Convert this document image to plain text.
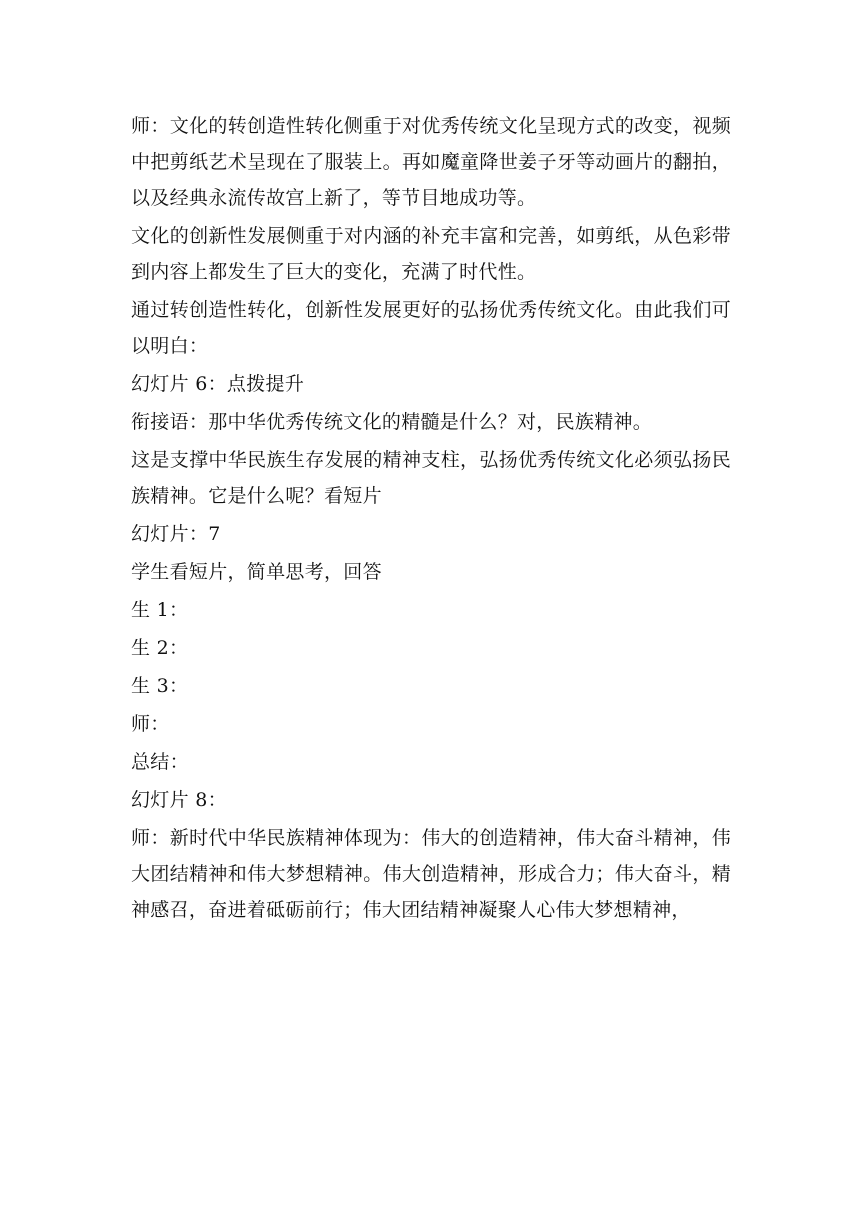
师：文化的转创造性转化侧重于对优秀传统文化呈现方式的改变，视频中把剪纸艺术呈现在了服装上。再如魔童降世姜子牙等动画片的翻拍，以及经典永流传故宫上新了，等节目地成功等。

文化的创新性发展侧重于对内涵的补充丰富和完善，如剪纸，从色彩带到内容上都发生了巨大的变化，充满了时代性。

通过转创造性转化，创新性发展更好的弘扬优秀传统文化。由此我们可以明白：

幻灯片 6：点拨提升

衔接语：那中华优秀传统文化的精髓是什么？对，民族精神。

这是支撑中华民族生存发展的精神支柱，弘扬优秀传统文化必须弘扬民族精神。它是什么呢？看短片

幻灯片：7

学生看短片，简单思考，回答

生 1：

生 2：

生 3：

师：

总结：

幻灯片 8：

师：新时代中华民族精神体现为：伟大的创造精神，伟大奋斗精神，伟大团结精神和伟大梦想精神。伟大创造精神，形成合力；伟大奋斗，精神感召，奋进着砥砺前行；伟大团结精神凝聚人心伟大梦想精神，
